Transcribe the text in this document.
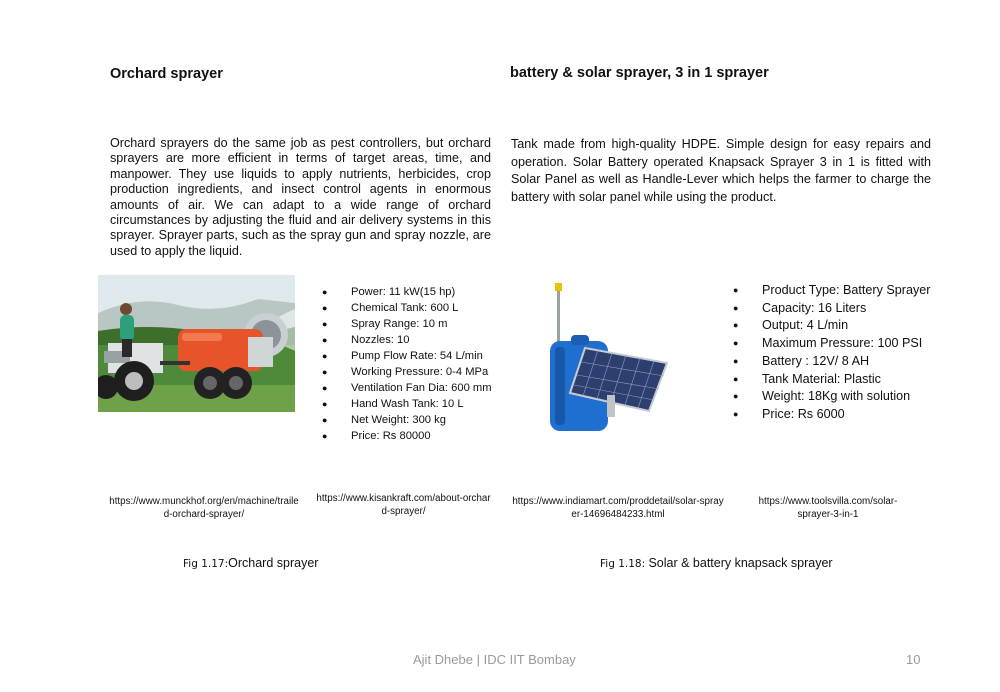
Orchard sprayer
Orchard sprayers do the same job as pest controllers, but orchard sprayers are more efficient in terms of target areas, time, and manpower. They use liquids to apply nutrients, herbicides, crop production ingredients, and insect control agents in enormous amounts of air. We can adapt to a wide range of orchard circumstances by adjusting the fluid and air delivery systems in this sprayer. Sprayer parts, such as the spray gun and spray nozzle, are used to apply the liquid.
● Power: 11 kW(15 hp)
● Chemical Tank: 600 L
● Spray Range: 10 m
● Nozzles: 10
● Pump Flow Rate: 54 L/min
● Working Pressure: 0-4 MPa
● Ventilation Fan Dia: 600 mm
● Hand Wash Tank: 10 L
● Net Weight: 300 kg
● Price: Rs 80000
https://www.munckhof.org/en/machine/trailed-orchard-sprayer/
https://www.kisankraft.com/about-orchard-sprayer/
Fig 1.17:Orchard sprayer
battery & solar sprayer, 3 in 1 sprayer
Tank made from high-quality HDPE. Simple design for easy repairs and operation. Solar Battery operated Knapsack Sprayer 3 in 1 is fitted with Solar Panel as well as Handle-Lever which helps the farmer to charge the battery with solar panel while using the product.
● Product Type: Battery Sprayer
● Capacity: 16 Liters
● Output: 4 L/min
● Maximum Pressure: 100 PSI
● Battery : 12V/ 8 AH
● Tank Material: Plastic
● Weight: 18Kg with solution
● Price: Rs 6000
https://www.indiamart.com/proddetail/solar-sprayer-14696484233.html
https://www.toolsvilla.com/solar-sprayer-3-in-1
Fig 1.18: Solar & battery knapsack sprayer
Ajit Dhebe | IDC IIT Bombay	10
